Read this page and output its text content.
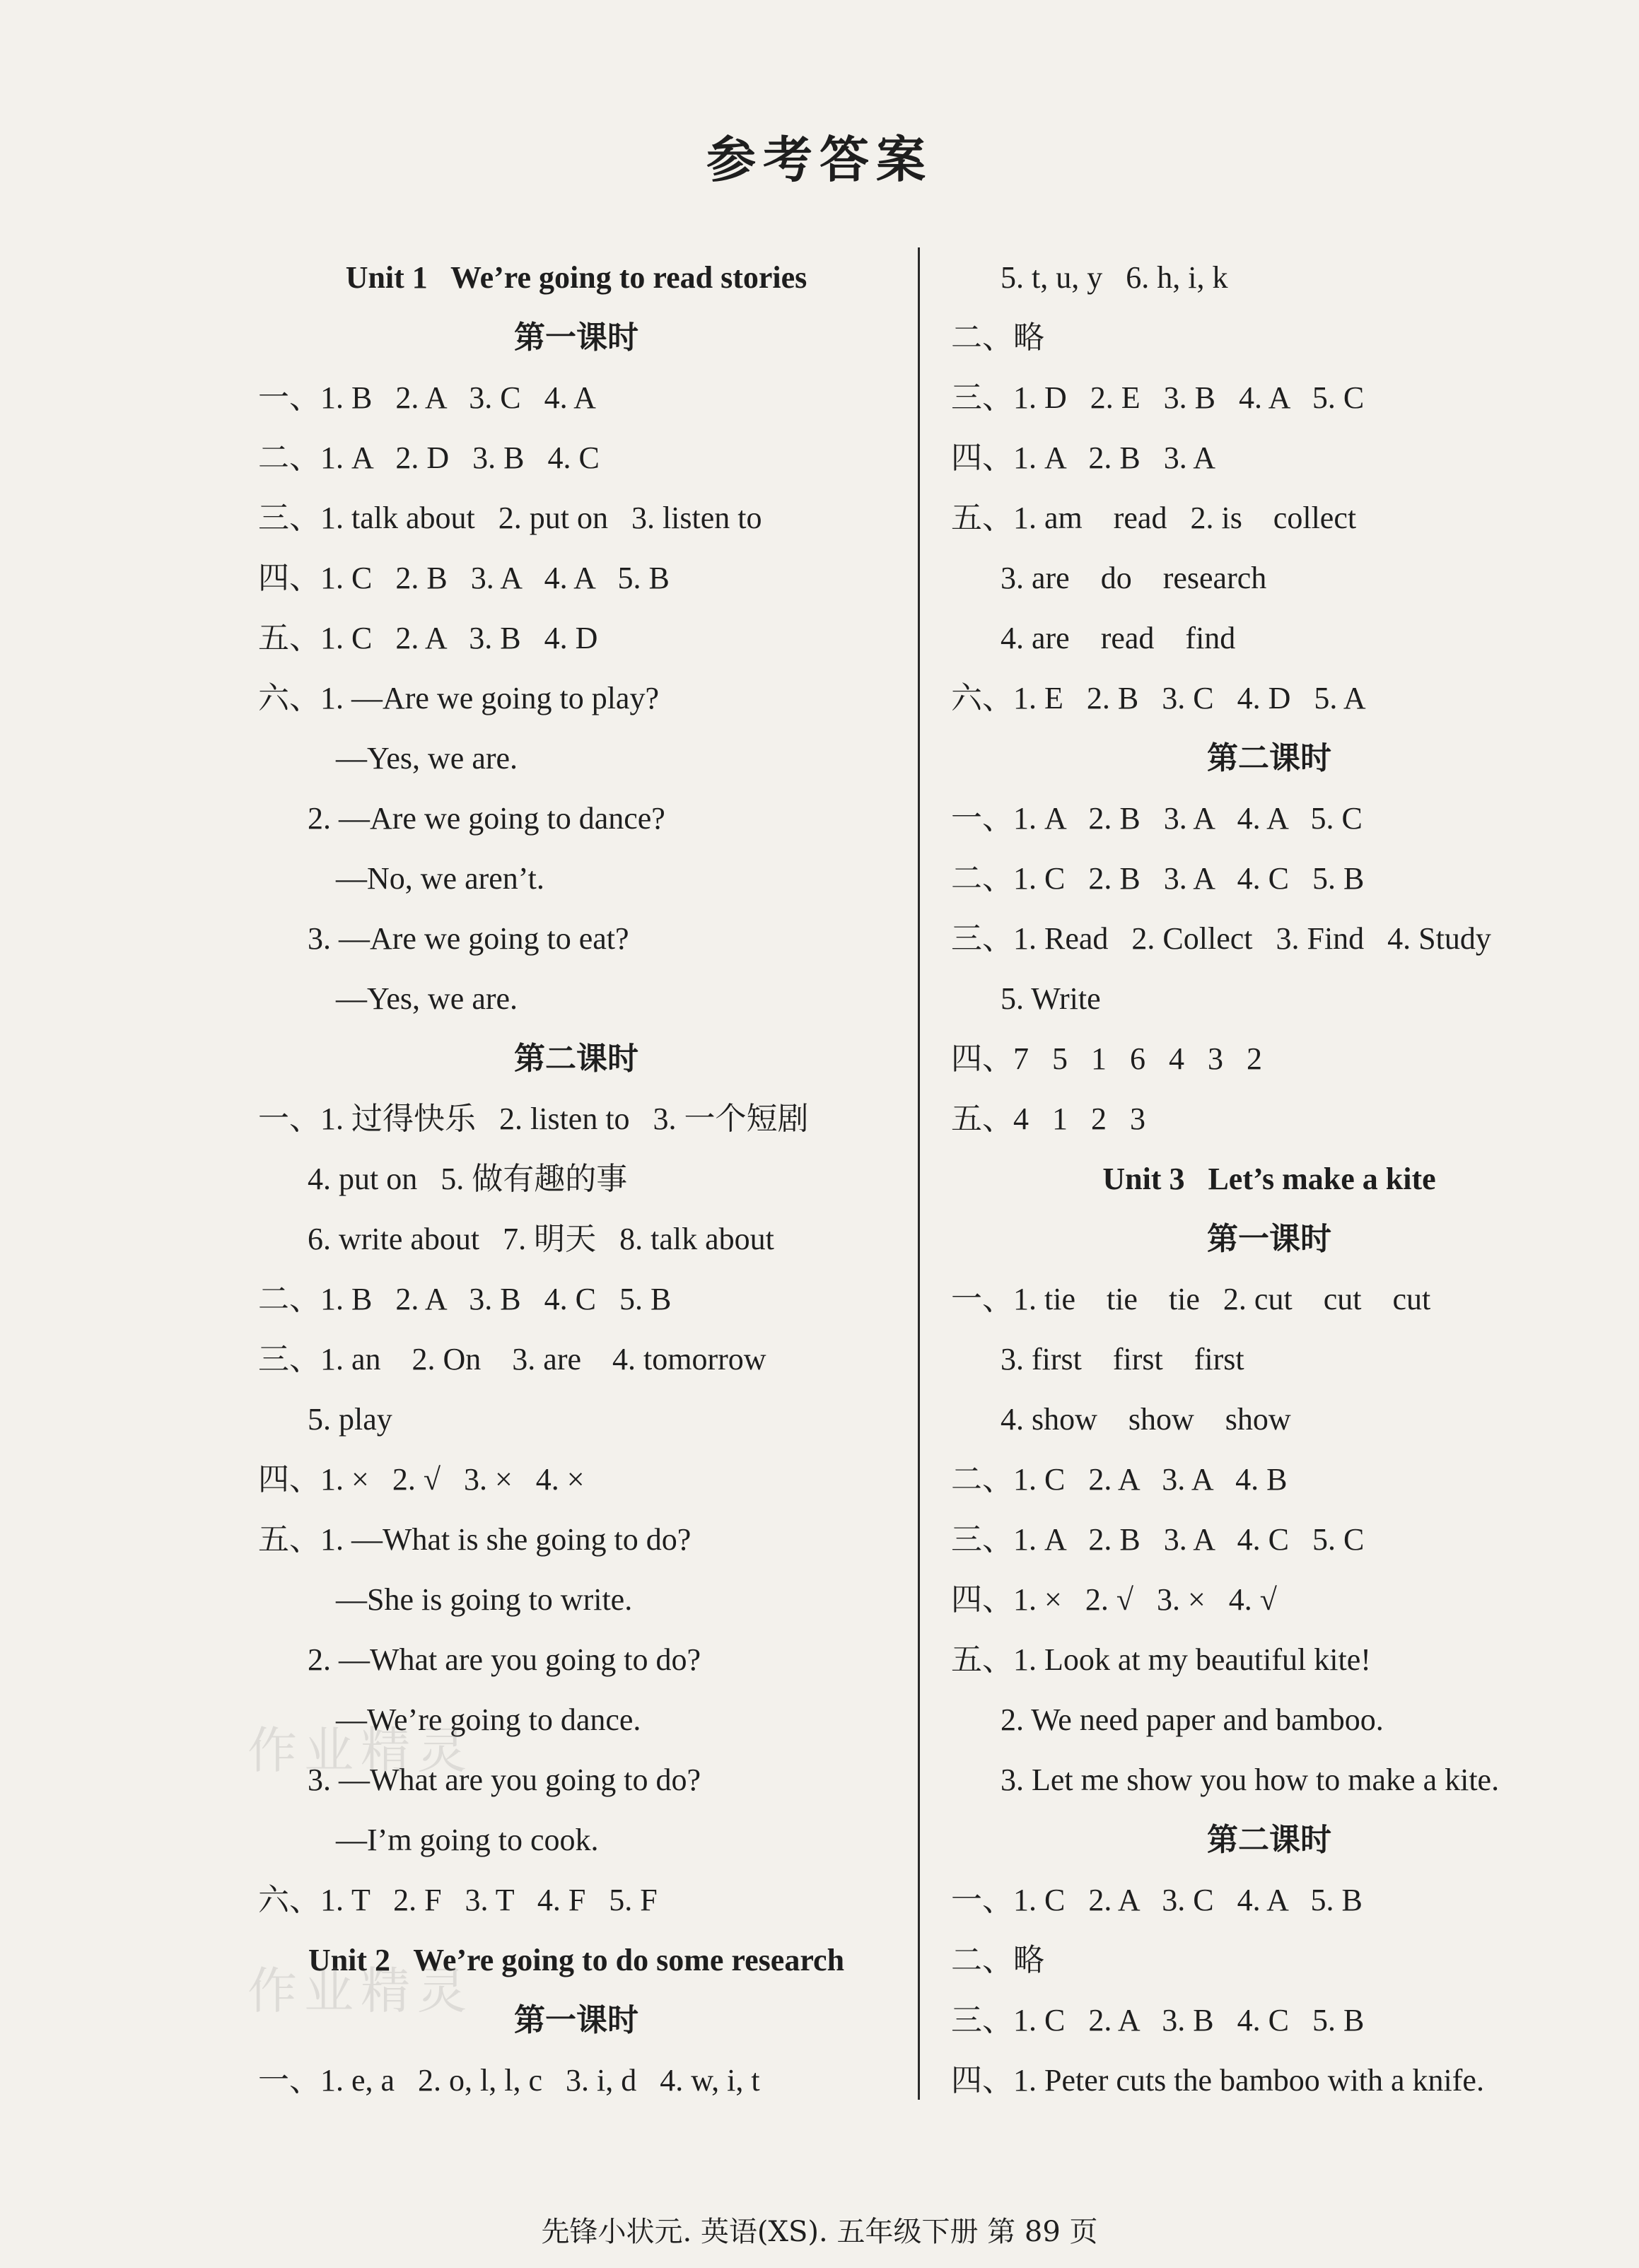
参考答案
Unit 1   We’re going to read stories
第一课时
一、1. B   2. A   3. C   4. A
二、1. A   2. D   3. B   4. C
三、1. talk about   2. put on   3. listen to
四、1. C   2. B   3. A   4. A   5. B
五、1. C   2. A   3. B   4. D
六、1. —Are we going to play?
—Yes, we are.
2. —Are we going to dance?
—No, we aren’t.
3. —Are we going to eat?
—Yes, we are.
第二课时
一、1. 过得快乐   2. listen to   3. 一个短剧
4. put on   5. 做有趣的事
6. write about   7. 明天   8. talk about
二、1. B   2. A   3. B   4. C   5. B
三、1. an    2. On    3. are    4. tomorrow
5. play
四、1. ×   2. √   3. ×   4. ×
五、1. —What is she going to do?
—She is going to write.
2. —What are you going to do?
—We’re going to dance.
3. —What are you going to do?
—I’m going to cook.
六、1. T   2. F   3. T   4. F   5. F
Unit 2   We’re going to do some research
第一课时
一、1. e, a   2. o, l, l, c   3. i, d   4. w, i, t
5. t, u, y   6. h, i, k
二、略
三、1. D   2. E   3. B   4. A   5. C
四、1. A   2. B   3. A
五、1. am    read   2. is    collect
3. are    do    research
4. are    read    find
六、1. E   2. B   3. C   4. D   5. A
第二课时
一、1. A   2. B   3. A   4. A   5. C
二、1. C   2. B   3. A   4. C   5. B
三、1. Read   2. Collect   3. Find   4. Study
5. Write
四、7   5   1   6   4   3   2
五、4   1   2   3
Unit 3   Let’s make a kite
第一课时
一、1. tie    tie    tie   2. cut    cut    cut
3. first    first    first
4. show    show    show
二、1. C   2. A   3. A   4. B
三、1. A   2. B   3. A   4. C   5. C
四、1. ×   2. √   3. ×   4. √
五、1. Look at my beautiful kite!
2. We need paper and bamboo.
3. Let me show you how to make a kite.
第二课时
一、1. C   2. A   3. C   4. A   5. B
二、略
三、1. C   2. A   3. B   4. C   5. B
四、1. Peter cuts the bamboo with a knife.
作业精灵
作业精灵
先锋小状元. 英语(XS). 五年级下册 第 89 页
